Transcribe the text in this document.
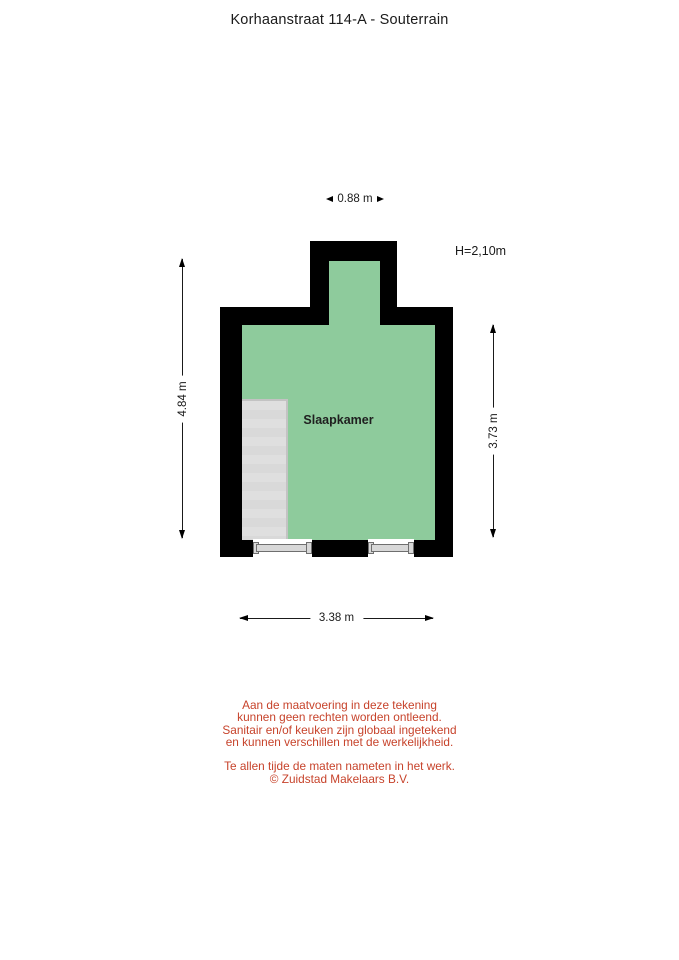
Korhaanstraat 114-A - Souterrain
0.88 m
H=2,10m
Slaapkamer
4.84 m
3.73 m
3.38 m

Aan de maatvoering in deze tekening
kunnen geen rechten worden ontleend.
Sanitair en/of keuken zijn globaal ingetekend
en kunnen verschillen met de werkelijkheid.

Te allen tijde de maten nameten in het werk.
© Zuidstad Makelaars B.V.
